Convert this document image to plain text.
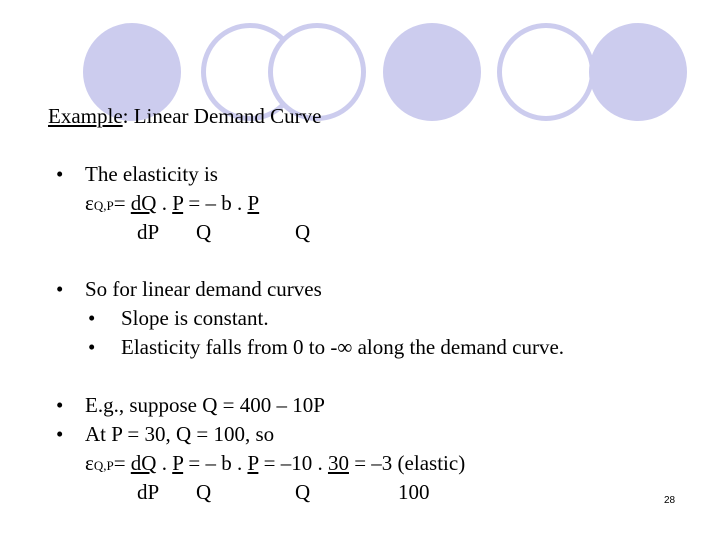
Example: Linear Demand Curve
• The elasticity is
εQ,P= dQ . P = – b . P
dP Q	Q
• So for linear demand curves
• Slope is constant.
• Elasticity falls from 0 to -∞ along the demand curve.
• E.g., suppose Q = 400 – 10P
• At P = 30, Q = 100, so
εQ,P= dQ . P = – b . P = –10 . 30 = –3 (elastic)
dP Q	Q	100	28
